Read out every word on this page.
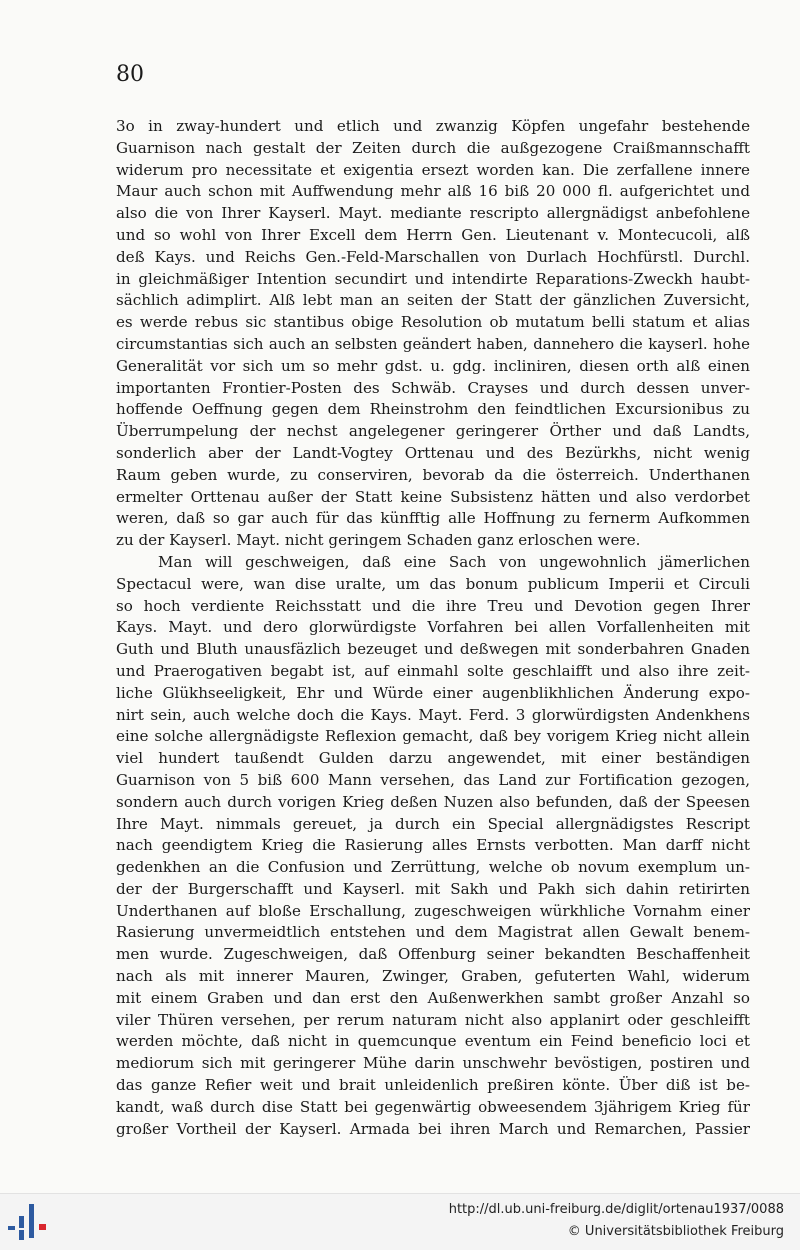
80

3o in zway-hundert und etlich und zwanzig Köpfen ungefahr bestehende
Guarnison nach gestalt der Zeiten durch die außgezogene Craißmannschafft
widerum pro necessitate et exigentia ersezt worden kan. Die zerfallene innere
Maur auch schon mit Auffwendung mehr alß 16 biß 20 000 fl. aufgerichtet und
also die von Ihrer Kayserl. Mayt. mediante rescripto allergnädigst anbefohlene
und so wohl von Ihrer Excell dem Herrn Gen. Lieutenant v. Montecucoli, alß
deß Kays. und Reichs Gen.-Feld-Marschallen von Durlach Hochfürstl. Durchl.
in gleichmäßiger Intention secundirt und intendirte Reparations-Zweckh haubt-
sächlich adimplirt. Alß lebt man an seiten der Statt der gänzlichen Zuversicht,
es werde rebus sic stantibus obige Resolution ob mutatum belli statum et alias
circumstantias sich auch an selbsten geändert haben, dannehero die kayserl. hohe
Generalität vor sich um so mehr gdst. u. gdg. incliniren, diesen orth alß einen
importanten Frontier-Posten des Schwäb. Crayses und durch dessen unver-
hoffende Oeffnung gegen dem Rheinstrohm den feindtlichen Excursionibus zu
Überrumpelung der nechst angelegener geringerer Örther und daß Landts,
sonderlich aber der Landt-Vogtey Orttenau und des Bezürkhs, nicht wenig
Raum geben wurde, zu conserviren, bevorab da die österreich. Underthanen
ermelter Orttenau außer der Statt keine Subsistenz hätten und also verdorbet
weren, daß so gar auch für das künfftig alle Hoffnung zu fernerm Aufkommen
zu der Kayserl. Mayt. nicht geringem Schaden ganz erloschen were.
Man will geschweigen, daß eine Sach von ungewohnlich jämerlichen
Spectacul were, wan dise uralte, um das bonum publicum Imperii et Circuli
so hoch verdiente Reichsstatt und die ihre Treu und Devotion gegen Ihrer
Kays. Mayt. und dero glorwürdigste Vorfahren bei allen Vorfallenheiten mit
Guth und Bluth unausfäzlich bezeuget und deßwegen mit sonderbahren Gnaden
und Praerogativen begabt ist, auf einmahl solte geschlaifft und also ihre zeit-
liche Glükhseeligkeit, Ehr und Würde einer augenblikhlichen Änderung expo-
nirt sein, auch welche doch die Kays. Mayt. Ferd. 3 glorwürdigsten Andenkhens
eine solche allergnädigste Reflexion gemacht, daß bey vorigem Krieg nicht allein
viel hundert taußendt Gulden darzu angewendet, mit einer beständigen
Guarnison von 5 biß 600 Mann versehen, das Land zur Fortification gezogen,
sondern auch durch vorigen Krieg deßen Nuzen also befunden, daß der Speesen
Ihre Mayt. nimmals gereuet, ja durch ein Special allergnädigstes Rescript
nach geendigtem Krieg die Rasierung alles Ernsts verbotten. Man darff nicht
gedenkhen an die Confusion und Zerrüttung, welche ob novum exemplum un-
der der Burgerschafft und Kayserl. mit Sakh und Pakh sich dahin retirirten
Underthanen auf bloße Erschallung, zugeschweigen würkhliche Vornahm einer
Rasierung unvermeidtlich entstehen und dem Magistrat allen Gewalt benem-
men wurde. Zugeschweigen, daß Offenburg seiner bekandten Beschaffenheit
nach als mit innerer Mauren, Zwinger, Graben, gefuterten Wahl, widerum
mit einem Graben und dan erst den Außenwerkhen sambt großer Anzahl so
viler Thüren versehen, per rerum naturam nicht also applanirt oder geschleifft
werden möchte, daß nicht in quemcunque eventum ein Feind beneficio loci et
mediorum sich mit geringerer Mühe darin unschwehr bevöstigen, postiren und
das ganze Refier weit und brait unleidenlich preßiren könte. Über diß ist be-
kandt, waß durch dise Statt bei gegenwärtig obweesendem 3jährigem Krieg für
großer Vortheil der Kayserl. Armada bei ihren March und Remarchen, Passier
http://dl.ub.uni-freiburg.de/diglit/ortenau1937/0088
© Universitätsbibliothek Freiburg
